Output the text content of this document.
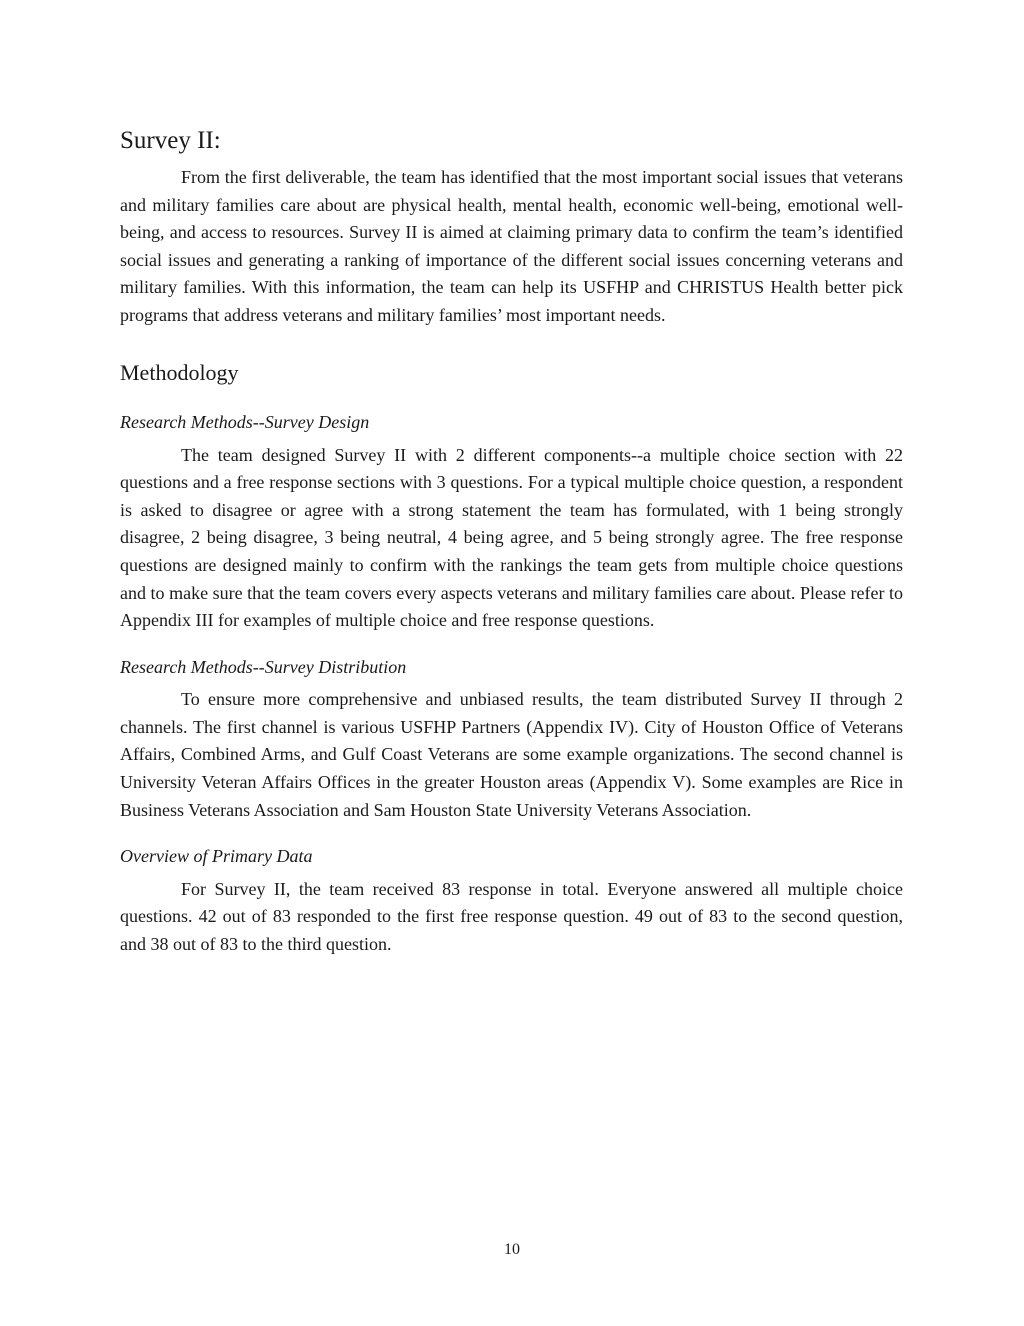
Survey II:

From the first deliverable, the team has identified that the most important social issues that veterans and military families care about are physical health, mental health, economic well-being, emotional well-being, and access to resources. Survey II is aimed at claiming primary data to confirm the team’s identified social issues and generating a ranking of importance of the different social issues concerning veterans and military families. With this information, the team can help its USFHP and CHRISTUS Health better pick programs that address veterans and military families’ most important needs.

Methodology
Research Methods--Survey Design

The team designed Survey II with 2 different components--a multiple choice section with 22 questions and a free response sections with 3 questions. For a typical multiple choice question, a respondent is asked to disagree or agree with a strong statement the team has formulated, with 1 being strongly disagree, 2 being disagree, 3 being neutral, 4 being agree, and 5 being strongly agree. The free response questions are designed mainly to confirm with the rankings the team gets from multiple choice questions and to make sure that the team covers every aspects veterans and military families care about. Please refer to Appendix III for examples of multiple choice and free response questions.

Research Methods--Survey Distribution

To ensure more comprehensive and unbiased results, the team distributed Survey II through 2 channels. The first channel is various USFHP Partners (Appendix IV). City of Houston Office of Veterans Affairs, Combined Arms, and Gulf Coast Veterans are some example organizations. The second channel is University Veteran Affairs Offices in the greater Houston areas (Appendix V). Some examples are Rice in Business Veterans Association and Sam Houston State University Veterans Association.

Overview of Primary Data

For Survey II, the team received 83 response in total. Everyone answered all multiple choice questions. 42 out of 83 responded to the first free response question. 49 out of 83 to the second question, and 38 out of 83 to the third question.

10
